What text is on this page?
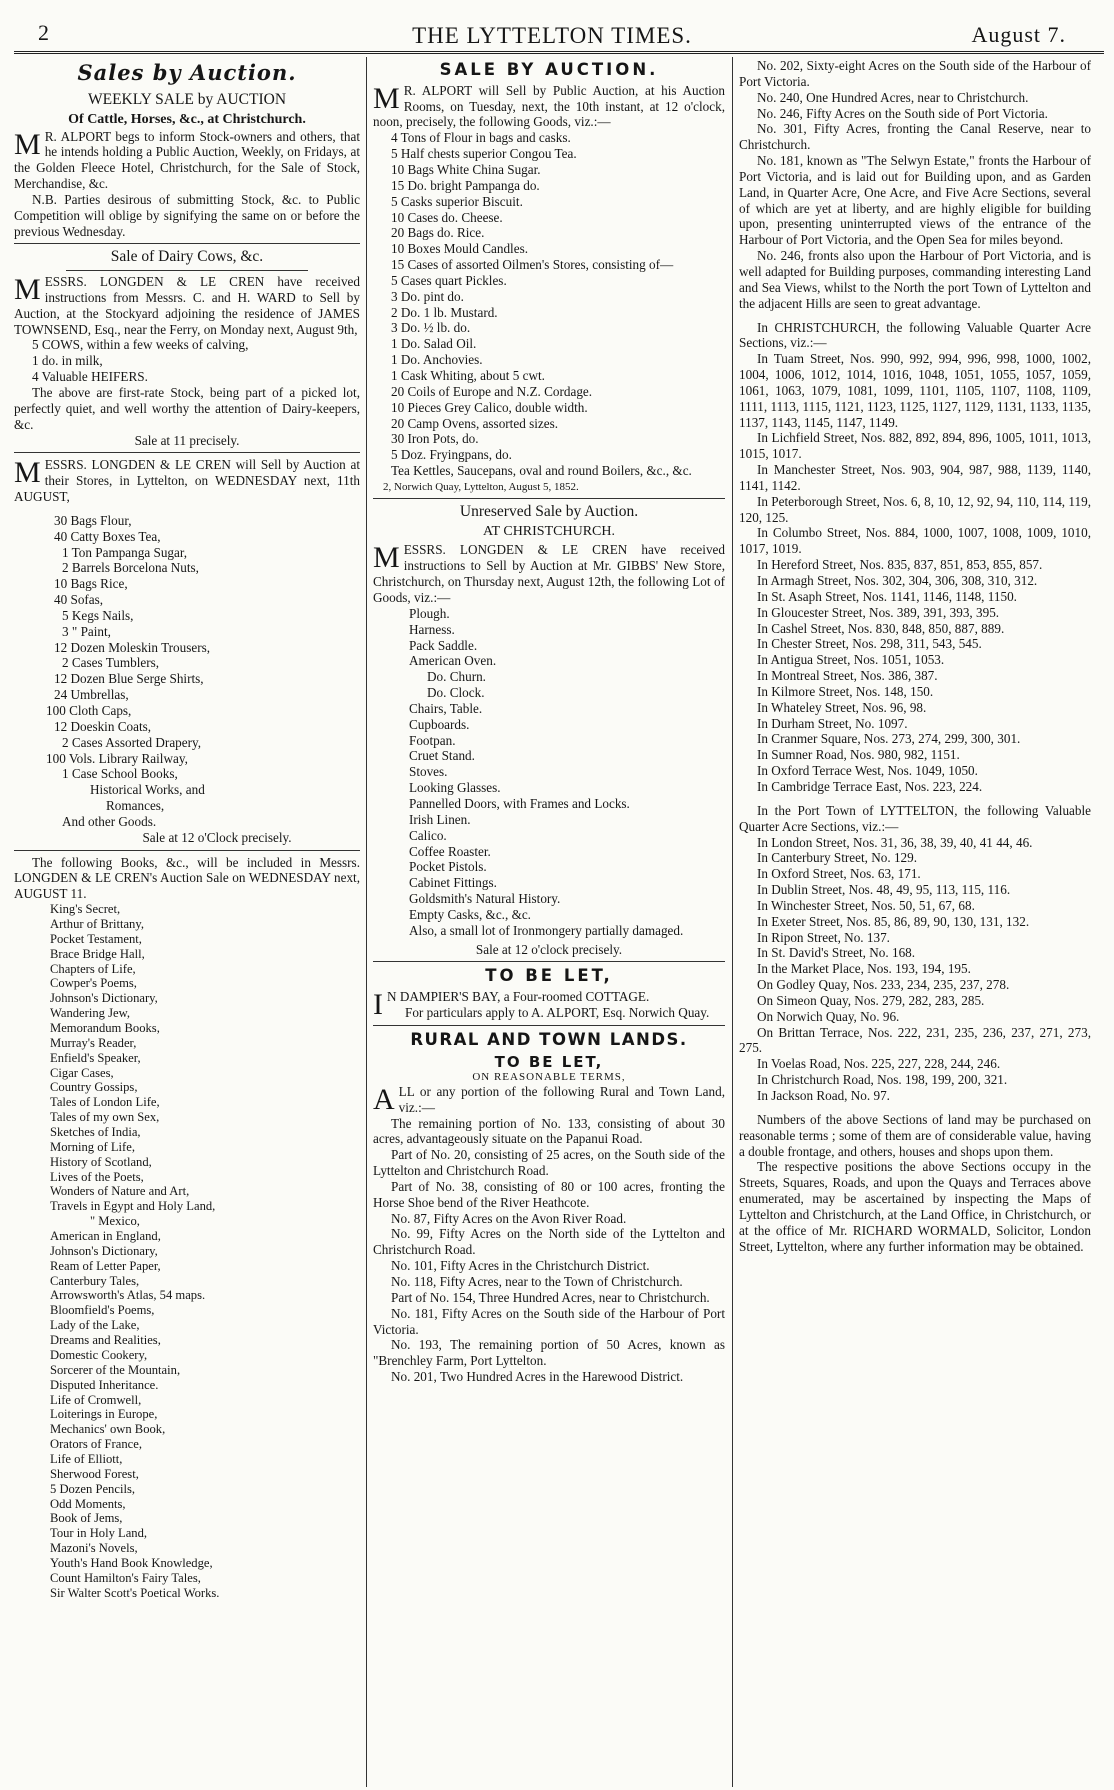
2	THE LYTTELTON TIMES.	August 7.
Sales by Auction.
WEEKLY SALE by AUCTION
Of Cattle, Horses, &c., at Christchurch.

M R. ALPORT begs to inform Stock-owners and others, that he intends holding a Public Auction, Weekly, on Fridays, at the Golden Fleece Hotel, Christchurch, for the Sale of Stock, Merchandise, &c.

N.B. Parties desirous of submitting Stock, &c. to Public Competition will oblige by signifying the same on or before the previous Wednesday.

Sale of Dairy Cows, &c.

MESSRS. LONGDEN & LE CREN have received instructions from Messrs. C. and H. WARD to Sell by Auction, at the Stockyard adjoining the residence of JAMES TOWNSEND, Esq., near the Ferry, on Monday next, August 9th,

5 COWS, within a few weeks of calving,
1 do. in milk,
4 Valuable HEIFERS.

The above are first-rate Stock, being part of a picked lot, perfectly quiet, and well worthy the attention of Dairy-keepers, &c.

Sale at 11 precisely.

MESSRS. LONGDEN & LE CREN will Sell by Auction at their Stores, in Lyttelton, on WEDNESDAY next, 11th AUGUST,

30 Bags Flour,
40 Catty Boxes Tea,
1 Ton Pampanga Sugar,
2 Barrels Borcelona Nuts,
10 Bags Rice,
40 Sofas,
5 Kegs Nails,
3 " Paint,
12 Dozen Moleskin Trousers,
2 Cases Tumblers,
12 Dozen Blue Serge Shirts,
24 Umbrellas,
100 Cloth Caps,
12 Doeskin Coats,
2 Cases Assorted Drapery,
100 Vols. Library Railway,
1 Case School Books,
Historical Works, and
Romances,
And other Goods.
Sale at 12 o'Clock precisely.

The following Books, &c., will be included in Messrs. LONGDEN & LE CREN's Auction Sale on WEDNESDAY next, AUGUST 11.

King's Secret,
Arthur of Brittany,
Pocket Testament,
Brace Bridge Hall,
Chapters of Life,
Cowper's Poems,
Johnson's Dictionary,
Wandering Jew,
Memorandum Books,
Murray's Reader,
Enfield's Speaker,
Cigar Cases,
Country Gossips,
Tales of London Life,
Tales of my own Sex,
Sketches of India,
Morning of Life,
History of Scotland,
Lives of the Poets,
Wonders of Nature and Art,
Travels in Egypt and Holy Land,
" Mexico,
American in England,
Johnson's Dictionary,
Ream of Letter Paper,
Canterbury Tales,
Arrowsworth's Atlas, 54 maps.
Bloomfield's Poems,
Lady of the Lake,
Dreams and Realities,
Domestic Cookery,
Sorcerer of the Mountain,
Disputed Inheritance.
Life of Cromwell,
Loiterings in Europe,
Mechanics' own Book,
Orators of France,
Life of Elliott,
Sherwood Forest,
5 Dozen Pencils,
Odd Moments,
Book of Jems,
Tour in Holy Land,
Mazoni's Novels,
Youth's Hand Book Knowledge,
Count Hamilton's Fairy Tales,
Sir Walter Scott's Poetical Works.
SALE BY AUCTION.

M R. ALPORT will Sell by Public Auction, at his Auction Rooms, on Tuesday, next, the 10th instant, at 12 o'clock, noon, precisely, the following Goods, viz.:—

4 Tons of Flour in bags and casks.
5 Half chests superior Congou Tea.
10 Bags White China Sugar.
15 Do. bright Pampanga do.
5 Casks superior Biscuit.
10 Cases do. Cheese.
20 Bags do. Rice.
10 Boxes Mould Candles.
15 Cases of assorted Oilmen's Stores, consisting of—
5 Cases quart Pickles.
3 Do. pint do.
2 Do. 1 lb. Mustard.
3 Do. ½ lb. do.
1 Do. Salad Oil.
1 Do. Anchovies.
1 Cask Whiting, about 5 cwt.
20 Coils of Europe and N.Z. Cordage.
10 Pieces Grey Calico, double width.
20 Camp Ovens, assorted sizes.
30 Iron Pots, do.
5 Doz. Fryingpans, do.
Tea Kettles, Saucepans, oval and round Boilers, &c., &c.
2, Norwich Quay, Lyttelton, August 5, 1852.
Unreserved Sale by Auction.
AT CHRISTCHURCH.

MESSRS. LONGDEN & LE CREN have received instructions to Sell by Auction at Mr. GIBBS' New Store, Christchurch, on Thursday next, August 12th, the following Lot of Goods, viz.:—

Plough.
Harness.
Pack Saddle.
American Oven.
Do. Churn.
Do. Clock.
Chairs, Table.
Cupboards.
Footpan.
Cruet Stand.
Stoves.
Looking Glasses.
Pannelled Doors, with Frames and Locks.
Irish Linen.
Calico.
Coffee Roaster.
Pocket Pistols.
Cabinet Fittings.
Goldsmith's Natural History.
Empty Casks, &c., &c.
Also, a small lot of Ironmongery partially damaged.
Sale at 12 o'clock precisely.
TO BE LET,

I N DAMPIER'S BAY, a Four-roomed COTTAGE.

For particulars apply to A. ALPORT, Esq. Norwich Quay.

RURAL AND TOWN LANDS.
TO BE LET,
ON REASONABLE TERMS,

ALL or any portion of the following Rural and Town Land, viz.:—

The remaining portion of No. 133, consisting of about 30 acres, advantageously situate on the Papanui Road.
Part of No. 20, consisting of 25 acres, on the South side of the Lyttelton and Christchurch Road.
Part of No. 38, consisting of 80 or 100 acres, fronting the Horse Shoe bend of the River Heathcote.
No. 87, Fifty Acres on the Avon River Road.
No. 99, Fifty Acres on the North side of the Lyttelton and Christchurch Road.
No. 101, Fifty Acres in the Christchurch District.
No. 118, Fifty Acres, near to the Town of Christchurch.
Part of No. 154, Three Hundred Acres, near to Christchurch.
No. 181, Fifty Acres on the South side of the Harbour of Port Victoria.
No. 193, The remaining portion of 50 Acres, known as "Brenchley Farm, Port Lyttelton.
No. 201, Two Hundred Acres in the Harewood District.
No. 202, Sixty-eight Acres on the South side of the Harbour of Port Victoria.
No. 240, One Hundred Acres, near to Christchurch.
No. 246, Fifty Acres on the South side of Port Victoria.
No. 301, Fifty Acres, fronting the Canal Reserve, near to Christchurch.
No. 181, known as "The Selwyn Estate," fronts the Harbour of Port Victoria, and is laid out for Building upon, and as Garden Land, in Quarter Acre, One Acre, and Five Acre Sections, several of which are yet at liberty, and are highly eligible for building upon, presenting uninterrupted views of the entrance of the Harbour of Port Victoria, and the Open Sea for miles beyond.
No. 246, fronts also upon the Harbour of Port Victoria, and is well adapted for Building purposes, commanding interesting Land and Sea Views, whilst to the North the port Town of Lyttelton and the adjacent Hills are seen to great advantage.

In CHRISTCHURCH, the following Valuable Quarter Acre Sections, viz.:—

In Tuam Street, Nos. 990, 992, 994, 996, 998, 1000, 1002, 1004, 1006, 1012, 1014, 1016, 1048, 1051, 1055, 1057, 1059, 1061, 1063, 1079, 1081, 1099, 1101, 1105, 1107, 1108, 1109, 1111, 1113, 1115, 1121, 1123, 1125, 1127, 1129, 1131, 1133, 1135, 1137, 1143, 1145, 1147, 1149.
In Lichfield Street, Nos. 882, 892, 894, 896, 1005, 1011, 1013, 1015, 1017.
In Manchester Street, Nos. 903, 904, 987, 988, 1139, 1140, 1141, 1142.
In Peterborough Street, Nos. 6, 8, 10, 12, 92, 94, 110, 114, 119, 120, 125.
In Columbo Street, Nos. 884, 1000, 1007, 1008, 1009, 1010, 1017, 1019.
In Hereford Street, Nos. 835, 837, 851, 853, 855, 857.
In Armagh Street, Nos. 302, 304, 306, 308, 310, 312.
In St. Asaph Street, Nos. 1141, 1146, 1148, 1150.
In Gloucester Street, Nos. 389, 391, 393, 395.
In Cashel Street, Nos. 830, 848, 850, 887, 889.
In Chester Street, Nos. 298, 311, 543, 545.
In Antigua Street, Nos. 1051, 1053.
In Montreal Street, Nos. 386, 387.
In Kilmore Street, Nos. 148, 150.
In Whateley Street, Nos. 96, 98.
In Durham Street, No. 1097.
In Cranmer Square, Nos. 273, 274, 299, 300, 301.
In Sumner Road, Nos. 980, 982, 1151.
In Oxford Terrace West, Nos. 1049, 1050.
In Cambridge Terrace East, Nos. 223, 224.

In the Port Town of LYTTELTON, the following Valuable Quarter Acre Sections, viz.:—

In London Street, Nos. 31, 36, 38, 39, 40, 41 44, 46.
In Canterbury Street, No. 129.
In Oxford Street, Nos. 63, 171.
In Dublin Street, Nos. 48, 49, 95, 113, 115, 116.
In Winchester Street, Nos. 50, 51, 67, 68.
In Exeter Street, Nos. 85, 86, 89, 90, 130, 131, 132.
In Ripon Street, No. 137.
In St. David's Street, No. 168.
In the Market Place, Nos. 193, 194, 195.
On Godley Quay, Nos. 233, 234, 235, 237, 278.
On Simeon Quay, Nos. 279, 282, 283, 285.
On Norwich Quay, No. 96.
On Brittan Terrace, Nos. 222, 231, 235, 236, 237, 271, 273, 275.
In Voelas Road, Nos. 225, 227, 228, 244, 246.
In Christchurch Road, Nos. 198, 199, 200, 321.
In Jackson Road, No. 97.
Numbers of the above Sections of land may be purchased on reasonable terms ; some of them are of considerable value, having a double frontage, and others, houses and shops upon them.
The respective positions the above Sections occupy in the Streets, Squares, Roads, and upon the Quays and Terraces above enumerated, may be ascertained by inspecting the Maps of Lyttelton and Christchurch, at the Land Office, in Christchurch, or at the office of Mr. RICHARD WORMALD, Solicitor, London Street, Lyttelton, where any further information may be obtained.
